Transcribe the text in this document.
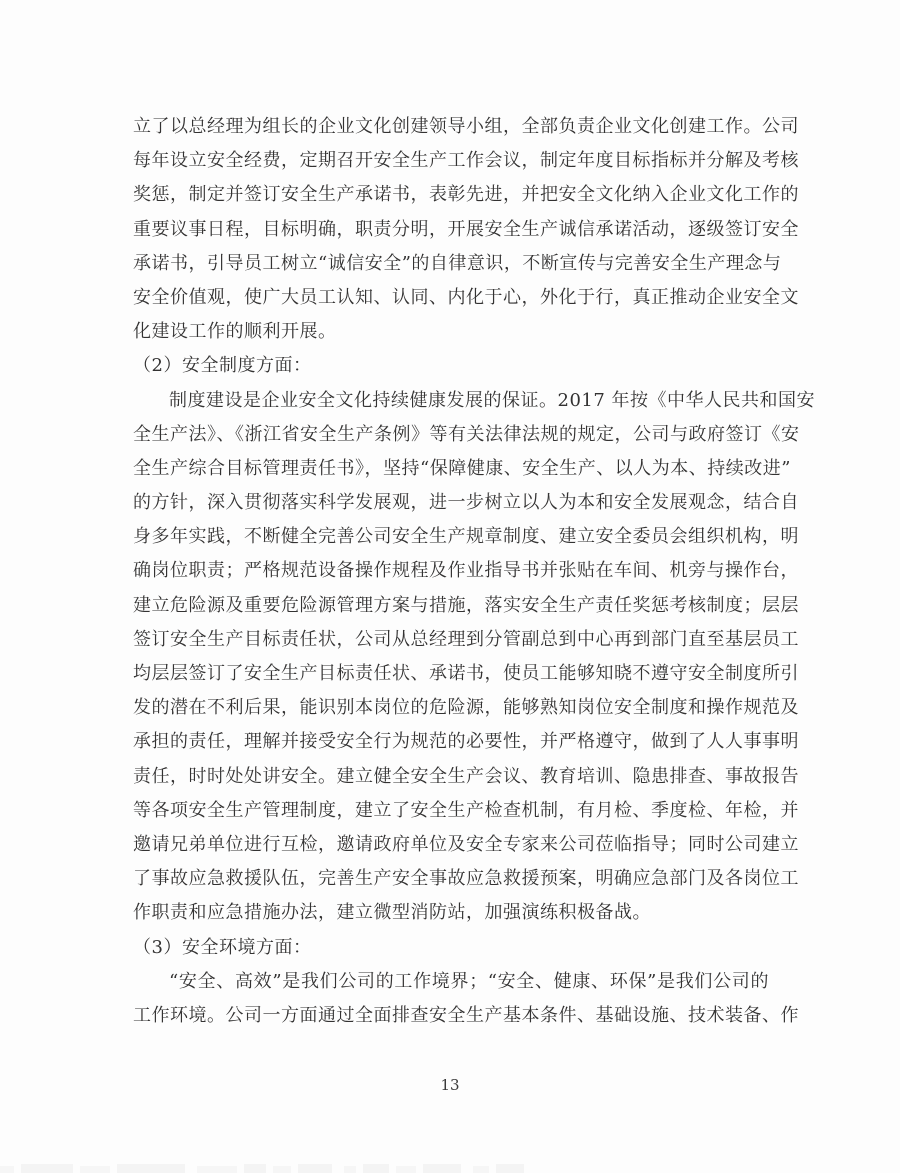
立了以总经理为组长的企业文化创建领导小组，全部负责企业文化创建工作。公司
每年设立安全经费，定期召开安全生产工作会议，制定年度目标指标并分解及考核
奖惩，制定并签订安全生产承诺书，表彰先进，并把安全文化纳入企业文化工作的
重要议事日程，目标明确，职责分明，开展安全生产诚信承诺活动，逐级签订安全
承诺书，引导员工树立“诚信安全”的自律意识，不断宣传与完善安全生产理念与
安全价值观，使广大员工认知、认同、内化于心，外化于行，真正推动企业安全文
化建设工作的顺利开展。
（2）安全制度方面：
制度建设是企业安全文化持续健康发展的保证。2017 年按《中华人民共和国安
全生产法》、《浙江省安全生产条例》等有关法律法规的规定，公司与政府签订《安
全生产综合目标管理责任书》，坚持“保障健康、安全生产、以人为本、持续改进”
的方针，深入贯彻落实科学发展观，进一步树立以人为本和安全发展观念，结合自
身多年实践，不断健全完善公司安全生产规章制度、建立安全委员会组织机构，明
确岗位职责；严格规范设备操作规程及作业指导书并张贴在车间、机旁与操作台，
建立危险源及重要危险源管理方案与措施，落实安全生产责任奖惩考核制度；层层
签订安全生产目标责任状，公司从总经理到分管副总到中心再到部门直至基层员工
均层层签订了安全生产目标责任状、承诺书，使员工能够知晓不遵守安全制度所引
发的潜在不利后果，能识别本岗位的危险源，能够熟知岗位安全制度和操作规范及
承担的责任，理解并接受安全行为规范的必要性，并严格遵守，做到了人人事事明
责任，时时处处讲安全。建立健全安全生产会议、教育培训、隐患排查、事故报告
等各项安全生产管理制度，建立了安全生产检查机制，有月检、季度检、年检，并
邀请兄弟单位进行互检，邀请政府单位及安全专家来公司莅临指导；同时公司建立
了事故应急救援队伍，完善生产安全事故应急救援预案，明确应急部门及各岗位工
作职责和应急措施办法，建立微型消防站，加强演练积极备战。
（3）安全环境方面：
“安全、高效”是我们公司的工作境界；“安全、健康、环保”是我们公司的
工作环境。公司一方面通过全面排查安全生产基本条件、基础设施、技术装备、作
13
